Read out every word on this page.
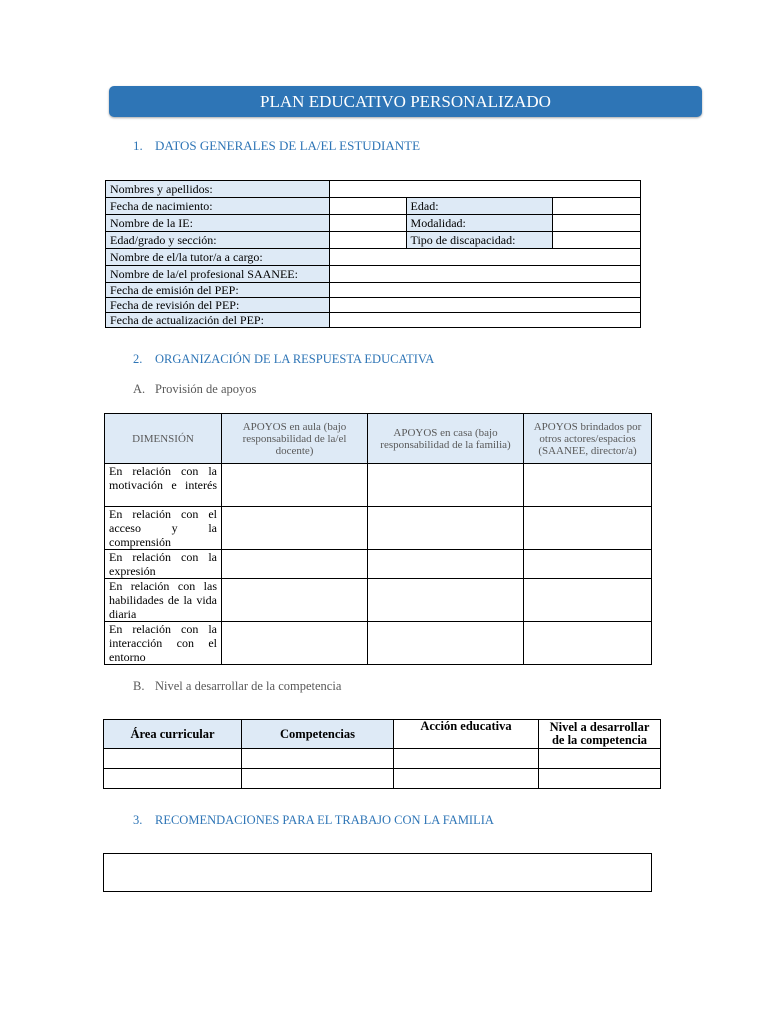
PLAN EDUCATIVO PERSONALIZADO
1. DATOS GENERALES DE LA/EL ESTUDIANTE
Nombres y apellidos:			
Fecha de nacimiento:		Edad:	
Nombre de la IE:		Modalidad:	
Edad/grado y sección:		Tipo de discapacidad:	
Nombre de el/la tutor/a a cargo:			
Nombre de la/el profesional SAANEE:			
Fecha de emisión del PEP:			
Fecha de revisión del PEP:			
Fecha de actualización del PEP:			
2. ORGANIZACIÓN DE LA RESPUESTA EDUCATIVA
A. Provisión de apoyos
DIMENSIÓN	APOYOS en aula (bajo responsabilidad de la/el docente)	APOYOS en casa (bajo responsabilidad de la familia)	APOYOS brindados por otros actores/espacios (SAANEE, director/a)
En relación con la motivación e interés			
En relación con el acceso y la comprensión			
En relación con la expresión			
En relación con las habilidades de la vida diaria			
En relación con la interacción con el entorno			
B. Nivel a desarrollar de la competencia
Área curricular	Competencias	Acción educativa	Nivel a desarrollar de la competencia

3. RECOMENDACIONES PARA EL TRABAJO CON LA FAMILIA
